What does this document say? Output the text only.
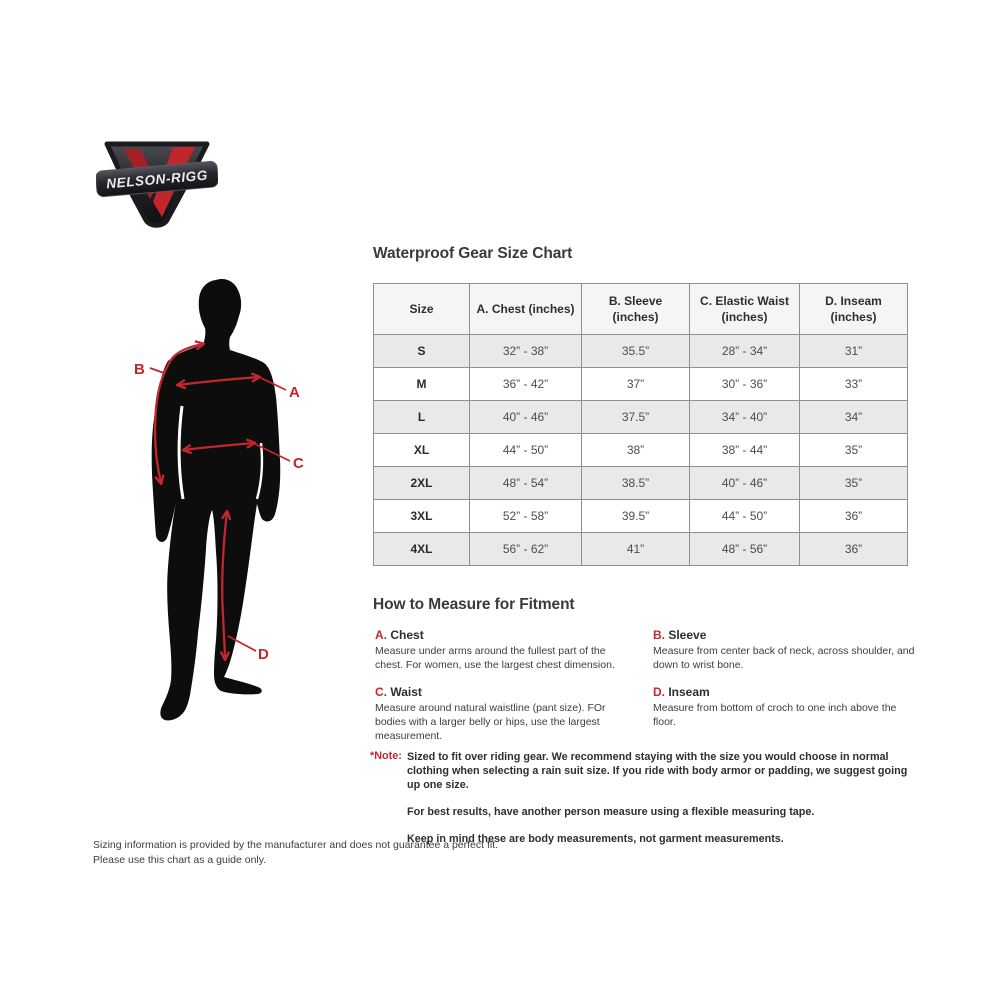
NELSON-RIGG
B
A
C
D
Waterproof Gear Size Chart
Size	A. Chest (inches)	B. Sleeve (inches)	C. Elastic Waist (inches)	D. Inseam (inches)
S	32” - 38”	35.5”	28” - 34”	31”
M	36” - 42”	37”	30” - 36”	33”
L	40” - 46”	37.5”	34” - 40”	34”
XL	44” - 50”	38”	38” - 44”	35”
2XL	48” - 54”	38.5”	40” - 46”	35”
3XL	52” - 58”	39.5”	44” - 50”	36”
4XL	56” - 62”	41”	48” - 56”	36”
How to Measure for Fitment
A. Chest

Measure under arms around the fullest part of the chest. For women, use the largest chest dimension.

B. Sleeve

Measure from center back of neck, across shoulder, and down to wrist bone.

C. Waist

Measure around natural waistline (pant size). FOr bodies with a larger belly or hips, use the largest measurement.

D. Inseam

Measure from bottom of croch to one inch above the floor.

*Note: Sized to fit over riding gear. We recommend staying with the size you would choose in normal clothing when selecting a rain suit size. If you ride with body armor or padding, we suggest going up one size.

For best results, have another person measure using a flexible measuring tape.

Keep in mind these are body measurements, not garment measurements.

Sizing information is provided by the manufacturer and does not guarantee a perfect fit.
Please use this chart as a guide only.
